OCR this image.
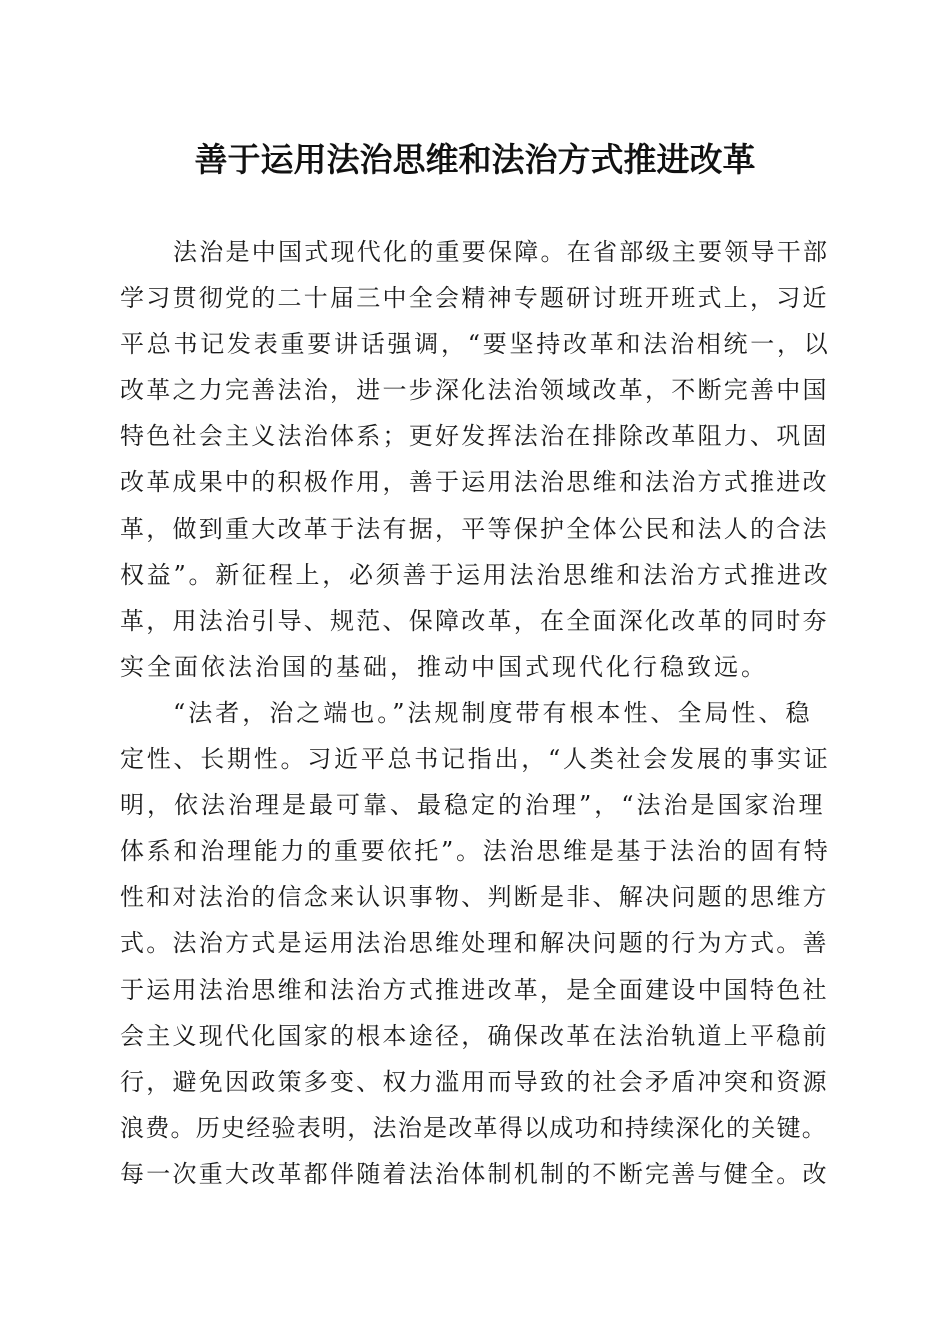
善于运用法治思维和法治方式推进改革
法治是中国式现代化的重要保障。在省部级主要领导干部
学习贯彻党的二十届三中全会精神专题研讨班开班式上，习近
平总书记发表重要讲话强调，“要坚持改革和法治相统一，以
改革之力完善法治，进一步深化法治领域改革，不断完善中国
特色社会主义法治体系；更好发挥法治在排除改革阻力、巩固
改革成果中的积极作用，善于运用法治思维和法治方式推进改
革，做到重大改革于法有据，平等保护全体公民和法人的合法
权益”。新征程上，必须善于运用法治思维和法治方式推进改
革，用法治引导、规范、保障改革，在全面深化改革的同时夯
实全面依法治国的基础，推动中国式现代化行稳致远。
“法者，治之端也。”法规制度带有根本性、全局性、稳
定性、长期性。习近平总书记指出，“人类社会发展的事实证
明，依法治理是最可靠、最稳定的治理”，“法治是国家治理
体系和治理能力的重要依托”。法治思维是基于法治的固有特
性和对法治的信念来认识事物、判断是非、解决问题的思维方
式。法治方式是运用法治思维处理和解决问题的行为方式。善
于运用法治思维和法治方式推进改革，是全面建设中国特色社
会主义现代化国家的根本途径，确保改革在法治轨道上平稳前
行，避免因政策多变、权力滥用而导致的社会矛盾冲突和资源
浪费。历史经验表明，法治是改革得以成功和持续深化的关键。
每一次重大改革都伴随着法治体制机制的不断完善与健全。改
